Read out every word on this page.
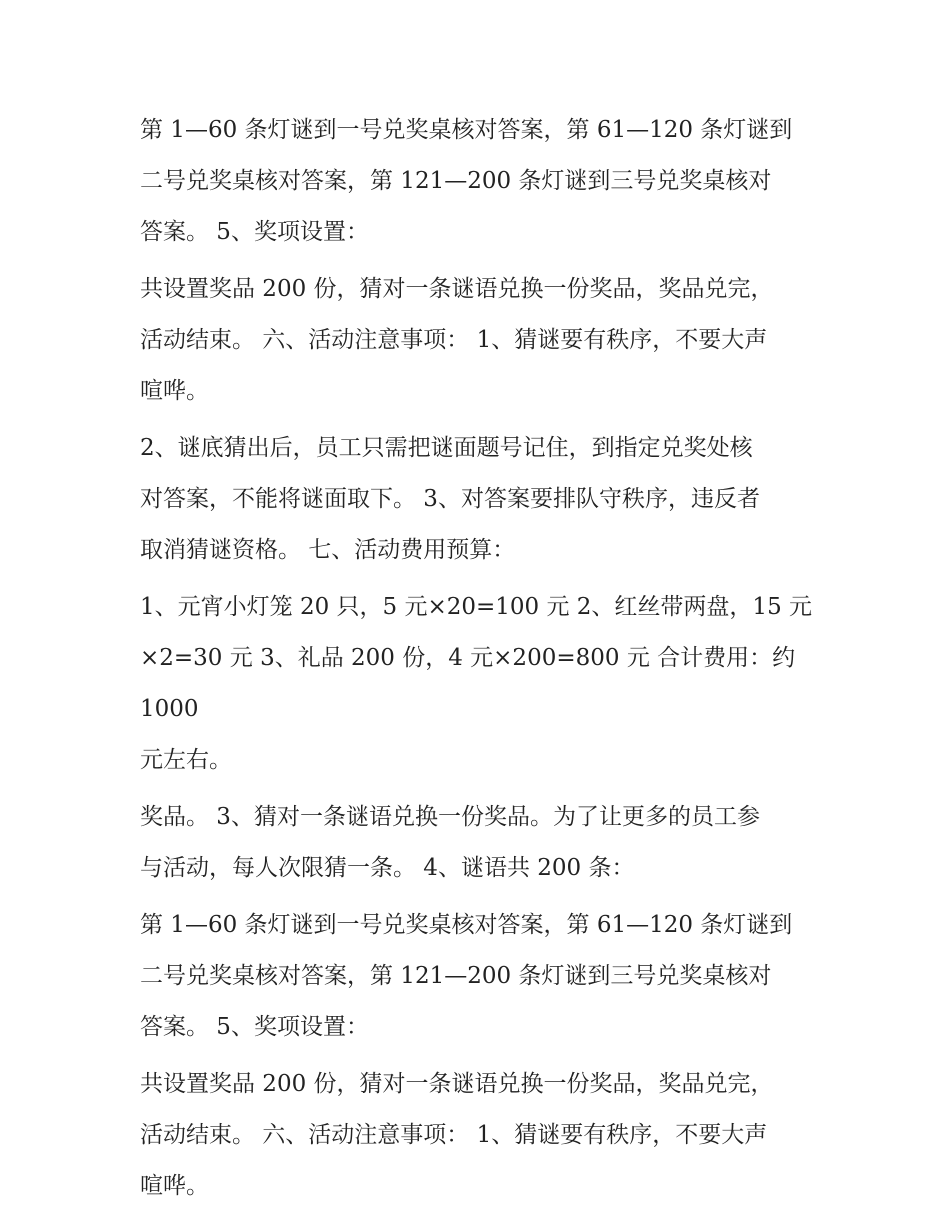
第 1—60 条灯谜到一号兑奖桌核对答案，第 61—120 条灯谜到
二号兑奖桌核对答案，第 121—200 条灯谜到三号兑奖桌核对
答案。 5、奖项设置：

共设置奖品 200 份，猜对一条谜语兑换一份奖品，奖品兑完，
活动结束。 六、活动注意事项： 1、猜谜要有秩序，不要大声
喧哗。

2、谜底猜出后，员工只需把谜面题号记住，到指定兑奖处核
对答案，不能将谜面取下。 3、对答案要排队守秩序，违反者
取消猜谜资格。 七、活动费用预算：

1、元宵小灯笼 20 只，5 元×20=100 元 2、红丝带两盘，15 元
×2=30 元 3、礼品 200 份，4 元×200=800 元 合计费用：约 1000
元左右。

奖品。 3、猜对一条谜语兑换一份奖品。为了让更多的员工参
与活动，每人次限猜一条。 4、谜语共 200 条：

第 1—60 条灯谜到一号兑奖桌核对答案，第 61—120 条灯谜到
二号兑奖桌核对答案，第 121—200 条灯谜到三号兑奖桌核对
答案。 5、奖项设置：

共设置奖品 200 份，猜对一条谜语兑换一份奖品，奖品兑完，
活动结束。 六、活动注意事项： 1、猜谜要有秩序，不要大声
喧哗。
